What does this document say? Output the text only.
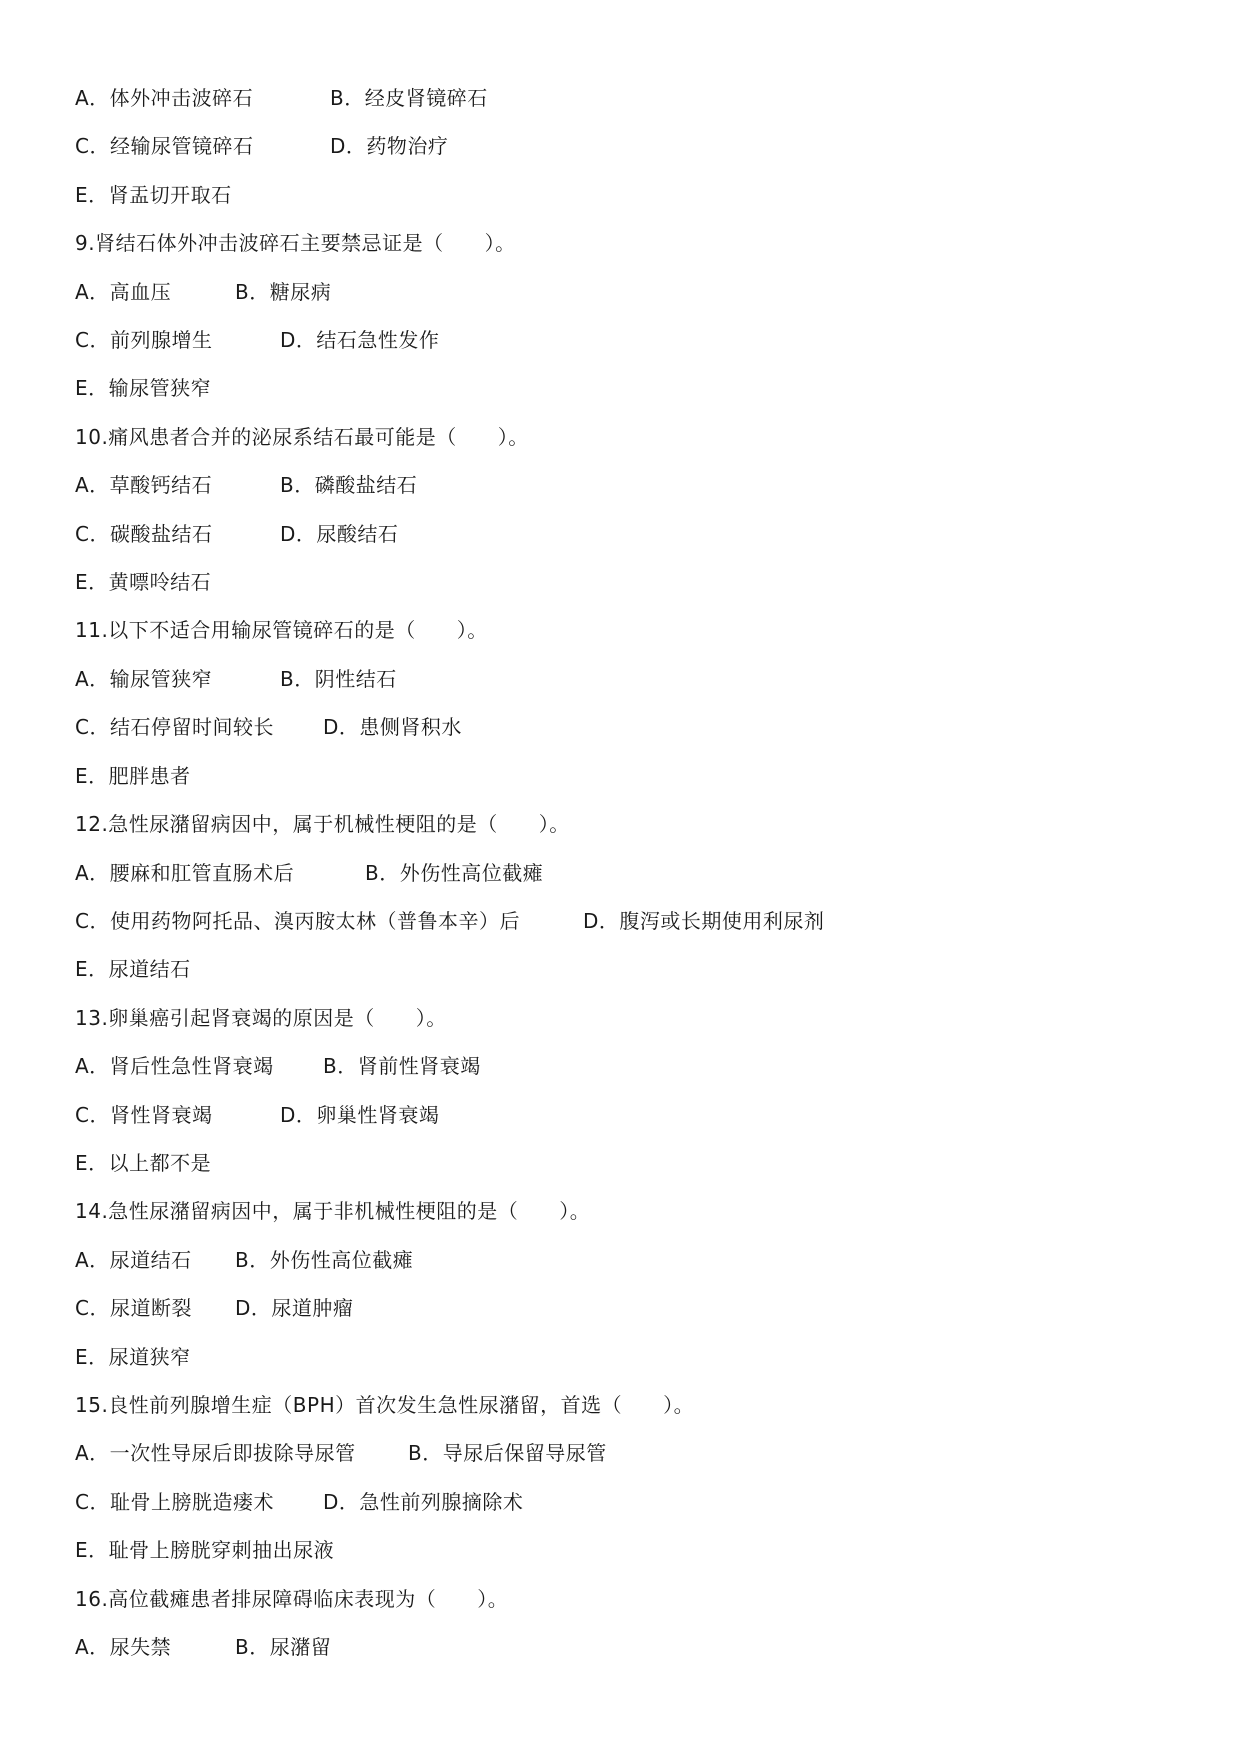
A．体外冲击波碎石	B．经皮肾镜碎石
C．经输尿管镜碎石	D．药物治疗
E．肾盂切开取石
9.肾结石体外冲击波碎石主要禁忌证是（　　）。
A．高血压	B．糖尿病
C．前列腺增生	D．结石急性发作
E．输尿管狭窄
10.痛风患者合并的泌尿系结石最可能是（　　）。
A．草酸钙结石	B．磷酸盐结石
C．碳酸盐结石	D．尿酸结石
E．黄嘌呤结石
11.以下不适合用输尿管镜碎石的是（　　）。
A．输尿管狭窄	B．阴性结石
C．结石停留时间较长 D．患侧肾积水
E．肥胖患者
12.急性尿潴留病因中，属于机械性梗阻的是（　　）。
A．腰麻和肛管直肠术后	B．外伤性高位截瘫
C．使用药物阿托品、溴丙胺太林（普鲁本辛）后	D．腹泻或长期使用利尿剂
E．尿道结石
13.卵巢癌引起肾衰竭的原因是（　　）。
A．肾后性急性肾衰竭 B．肾前性肾衰竭
C．肾性肾衰竭	D．卵巢性肾衰竭
E．以上都不是
14.急性尿潴留病因中，属于非机械性梗阻的是（　　）。
A．尿道结石 B．外伤性高位截瘫
C．尿道断裂 D．尿道肿瘤
E．尿道狭窄
15.良性前列腺增生症（BPH）首次发生急性尿潴留，首选（　　）。
A．一次性导尿后即拔除导尿管	B．导尿后保留导尿管
C．耻骨上膀胱造瘘术 D．急性前列腺摘除术
E．耻骨上膀胱穿刺抽出尿液
16.高位截瘫患者排尿障碍临床表现为（　　）。
A．尿失禁	B．尿潴留
